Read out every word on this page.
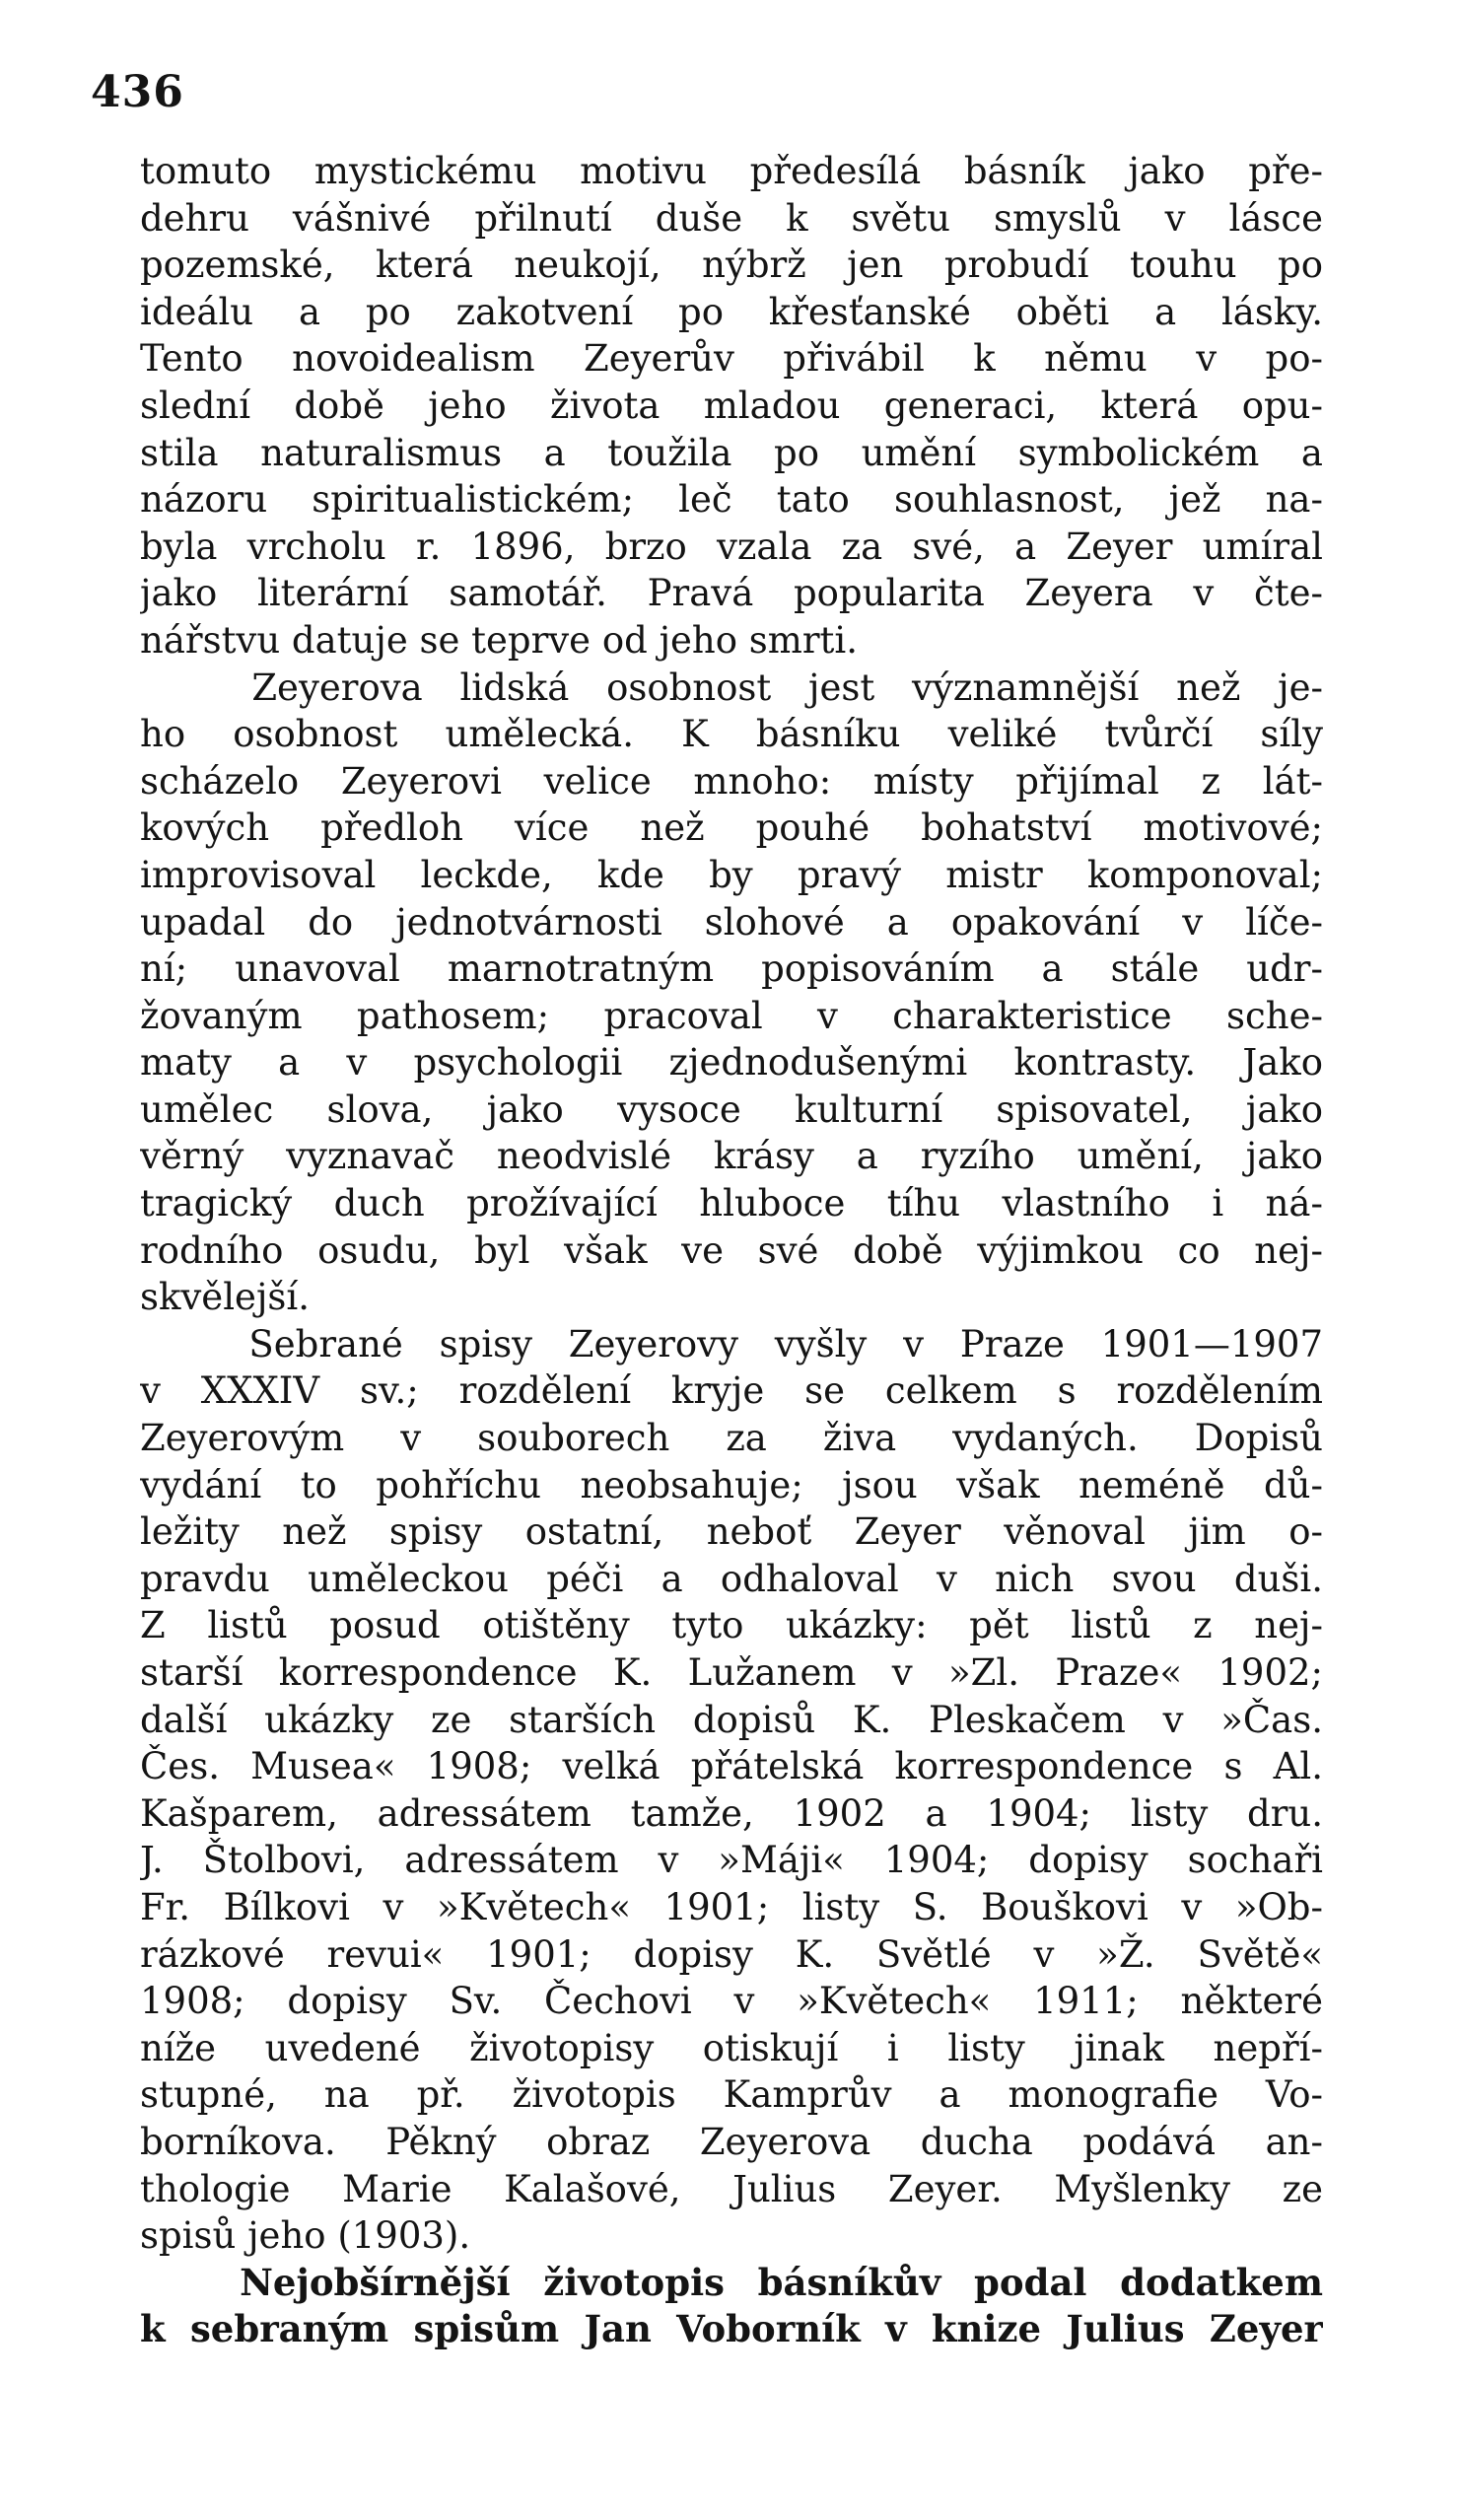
436
tomuto mystickému motivu předesílá básník jako pře-
dehru vášnivé přilnutí duše k světu smyslů v lásce
pozemské, která neukojí, nýbrž jen probudí touhu po
ideálu a po zakotvení po křesťanské oběti a lásky.
Tento novoidealism Zeyerův přivábil k němu v po-
slední době jeho života mladou generaci, která opu-
stila naturalismus a toužila po umění symbolickém a
názoru spiritualistickém; leč tato souhlasnost, jež na-
byla vrcholu r. 1896, brzo vzala za své, a Zeyer umíral
jako literární samotář. Pravá popularita Zeyera v čte-
nářstvu datuje se teprve od jeho smrti.
Zeyerova lidská osobnost jest významnější než je-
ho osobnost umělecká. K básníku veliké tvůrčí síly
scházelo Zeyerovi velice mnoho: místy přijímal z lát-
kových předloh více než pouhé bohatství motivové;
improvisoval leckde, kde by pravý mistr komponoval;
upadal do jednotvárnosti slohové a opakování v líče-
ní; unavoval marnotratným popisováním a stále udr-
žovaným pathosem; pracoval v charakteristice sche-
maty a v psychologii zjednodušenými kontrasty. Jako
umělec slova, jako vysoce kulturní spisovatel, jako
věrný vyznavač neodvislé krásy a ryzího umění, jako
tragický duch prožívající hluboce tíhu vlastního i ná-
rodního osudu, byl však ve své době výjimkou co nej-
skvělejší.
Sebrané spisy Zeyerovy vyšly v Praze 1901—1907
v XXXIV sv.; rozdělení kryje se celkem s rozdělením
Zeyerovým v souborech za živa vydaných. Dopisů
vydání to pohříchu neobsahuje; jsou však neméně dů-
ležity než spisy ostatní, neboť Zeyer věnoval jim o-
pravdu uměleckou péči a odhaloval v nich svou duši.
Z listů posud otištěny tyto ukázky: pět listů z nej-
starší korrespondence K. Lužanem v »Zl. Praze« 1902;
další ukázky ze starších dopisů K. Pleskačem v »Čas.
Čes. Musea« 1908; velká přátelská korrespondence s Al.
Kašparem, adressátem tamže, 1902 a 1904; listy dru.
J. Štolbovi, adressátem v »Máji« 1904; dopisy sochaři
Fr. Bílkovi v »Květech« 1901; listy S. Bouškovi v »Ob-
rázkové revui« 1901; dopisy K. Světlé v »Ž. Světě«
1908; dopisy Sv. Čechovi v »Květech« 1911; některé
níže uvedené životopisy otiskují i listy jinak nepří-
stupné, na př. životopis Kamprův a monografie Vo-
borníkova. Pěkný obraz Zeyerova ducha podává an-
thologie Marie Kalašové, Julius Zeyer. Myšlenky ze
spisů jeho (1903).
Nejobšírnější životopis básníkův podal dodatkem
k sebraným spisům Jan Voborník v knize Julius Zeyer
